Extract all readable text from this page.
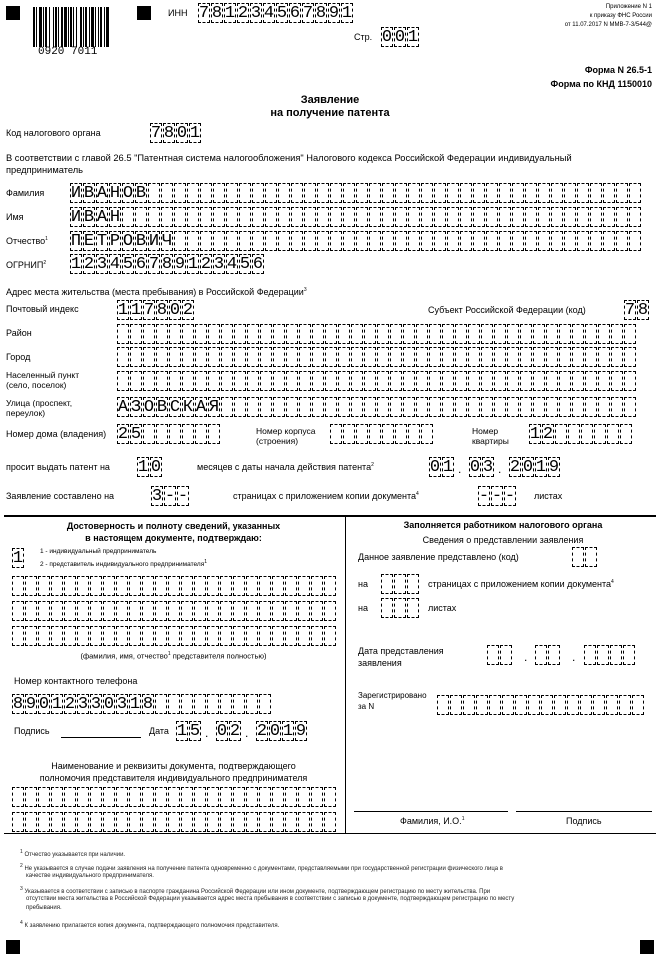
0920 7011
ИНН 7 8 1 2 3 4 5 6 7 8 9 1
Стр. 0 0 1
Приложение N 1
к приказу ФНС России
от 11.07.2017 N ММВ-7-3/544@
Форма N 26.5-1
Форма по КНД 1150010
Заявление
на получение патента
Код налогового органа	7 8 0 1
В соответствии с главой 26.5 "Патентная система налогообложения" Налогового кодекса Российской Федерации индивидуальный
предприниматель
Фамилия И В А Н О В
Имя	И В А Н
Отчество$^1$ П Е Т Р О В И Ч
ОГРНИП$^2$ 1 2 3 4 5 6 7 8 9 1 2 3 4 5 6
Адрес места жительства (места пребывания) в Российской Федерации$^3$
Почтовый индекс 1 1 7 8 0 2	Субъект Российской Федерации (код) 7 8
Район
Город
Населенный пункт
(село, поселок)
Улица (проспект,
переулок)	А З О В С К А Я
Номер дома (владения) 2 5	Номер корпуса
(строения)
Номер
квартиры 1 2
просит выдать патент на 1 0	месяцев с даты начала действия патента$^2$	0 1 . 0 3 . 2 0 1 9
Заявление составлено на 3 - -	страницах с приложением копии документа$^4$	- - - листах
Достоверность и полноту сведений, указанных
в настоящем документе, подтверждаю:
1	1 - индивидуальный предприниматель
2 - представитель индивидуального предпринимателя$^1$
(фамилия, имя, отчество$^1$ представителя полностью)
Номер контактного телефона
8 9 0 1 2 3 3 0 3 1 8
Подпись	Дата 1 5 . 0 2 . 2 0 1 9
Наименование и реквизиты документа, подтверждающего
полномочия представителя индивидуального предпринимателя
Заполняется работником налогового органа
Сведения о представлении заявления
Данное заявление представлено (код)
на	страницах с приложением копии документа$^4$
на	листах
Дата представления
заявления	.	.
Зарегистрировано
за N
Фамилия, И.О.$^1$	Подпись
$^1$ Отчество указывается при наличии.
$^2$ Не указывается в случае подачи заявления на получение патента одновременно с документами, представляемыми при государственной регистрации физического лица в
качестве индивидуального предпринимателя.
$^3$ Указывается в соответствии с записью в паспорте гражданина Российской Федерации или ином документе, подтверждающем регистрацию по месту жительства. При
отсутствии места жительства в Российской Федерации указывается адрес места пребывания в соответствии с записью в документе, подтверждающем регистрацию по месту
пребывания.
$^4$ К заявлению прилагается копия документа, подтверждающего полномочия представителя.
